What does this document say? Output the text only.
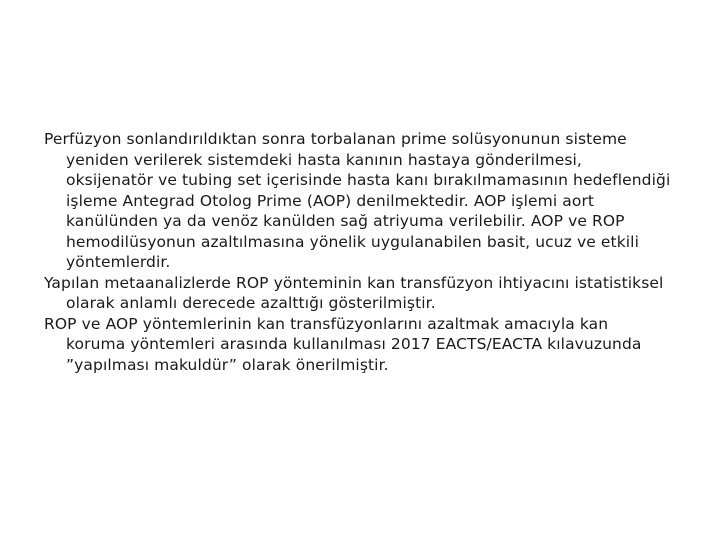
Perfüzyon sonlandırıldıktan sonra torbalanan prime solüsyonunun sisteme yeniden verilerek sistemdeki hasta kanının hastaya gönderilmesi, oksijenatör ve tubing set içerisinde hasta kanı bırakılmamasının hedeflendiği işleme Antegrad Otolog Prime (AOP) denilmektedir. AOP işlemi aort kanülünden ya da venöz kanülden sağ atriyuma verilebilir. AOP ve ROP hemodilüsyonun azaltılmasına yönelik uygulanabilen basit, ucuz ve etkili yöntemlerdir.

Yapılan metaanalizlerde ROP yönteminin kan transfüzyon ihtiyacını istatistiksel olarak anlamlı derecede azalttığı gösterilmiştir.

ROP ve AOP yöntemlerinin kan transfüzyonlarını azaltmak amacıyla kan koruma yöntemleri arasında kullanılması 2017 EACTS/EACTA kılavuzunda ”yapılması makuldür” olarak önerilmiştir.
